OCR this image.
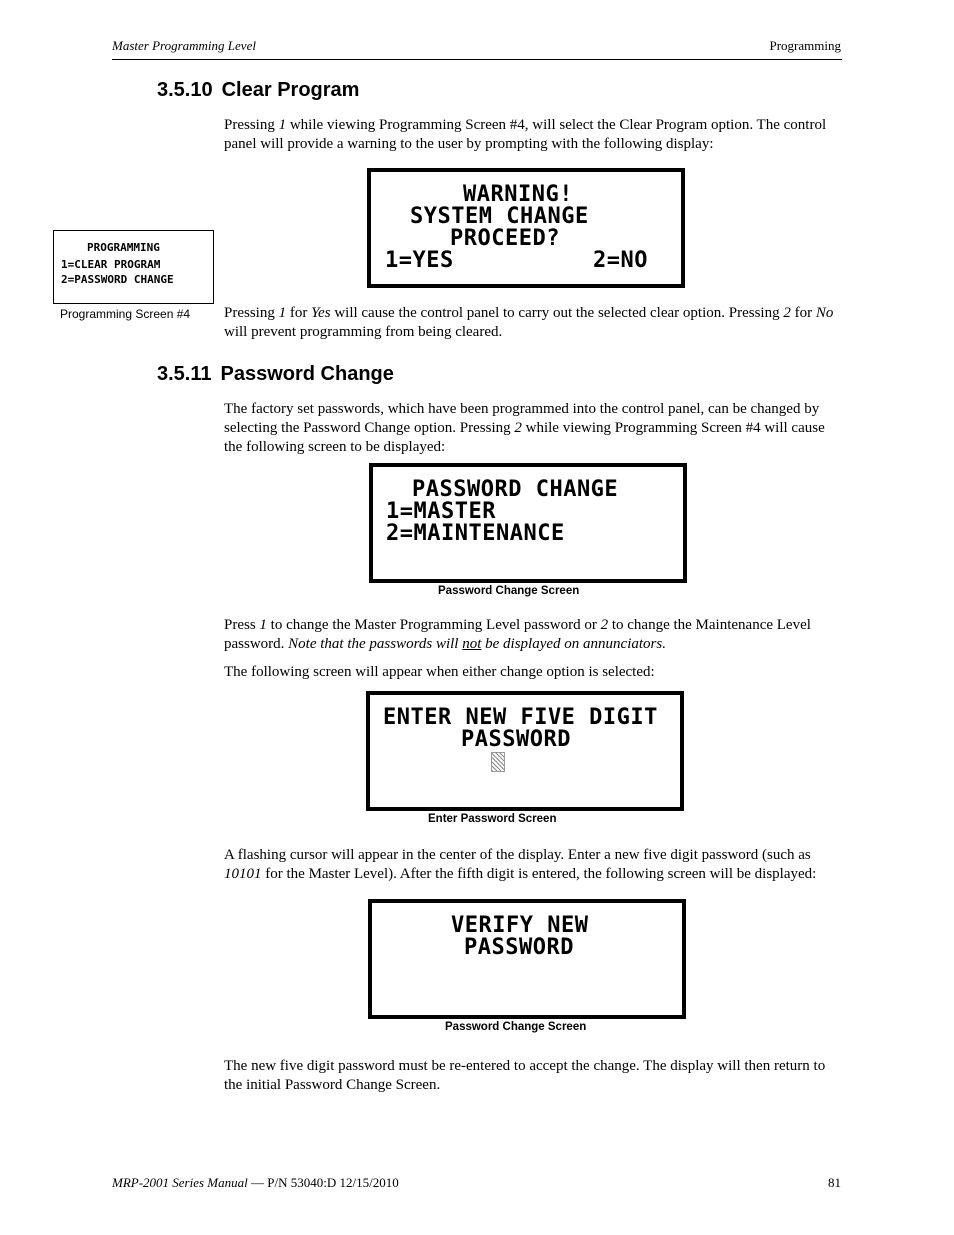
Master Programming Level	Programming
3.5.10 Clear Program
Pressing 1 while viewing Programming Screen #4, will select the Clear Program option. The control panel will provide a warning to the user by prompting with the following display:
WARNING!
SYSTEM CHANGE
PROCEED?
1=YES	2=NO
PROGRAMMING
1=CLEAR PROGRAM
2=PASSWORD CHANGE
Programming Screen #4 Pressing 1 for Yes will cause the control panel to carry out the selected clear option. Pressing 2 for No will prevent programming from being cleared.
3.5.11 Password Change
The factory set passwords, which have been programmed into the control panel, can be changed by selecting the Password Change option. Pressing 2 while viewing Programming Screen #4 will cause the following screen to be displayed:
PASSWORD CHANGE
1=MASTER
2=MAINTENANCE
Password Change Screen
Press 1 to change the Master Programming Level password or 2 to change the Maintenance Level password. Note that the passwords will not be displayed on annunciators.
The following screen will appear when either change option is selected:
ENTER NEW FIVE DIGIT
PASSWORD
Enter Password Screen
A flashing cursor will appear in the center of the display. Enter a new five digit password (such as 10101 for the Master Level). After the fifth digit is entered, the following screen will be displayed:
VERIFY NEW
PASSWORD
Password Change Screen
The new five digit password must be re-entered to accept the change. The display will then return to the initial Password Change Screen.
MRP-2001 Series Manual — P/N 53040:D 12/15/2010	81
